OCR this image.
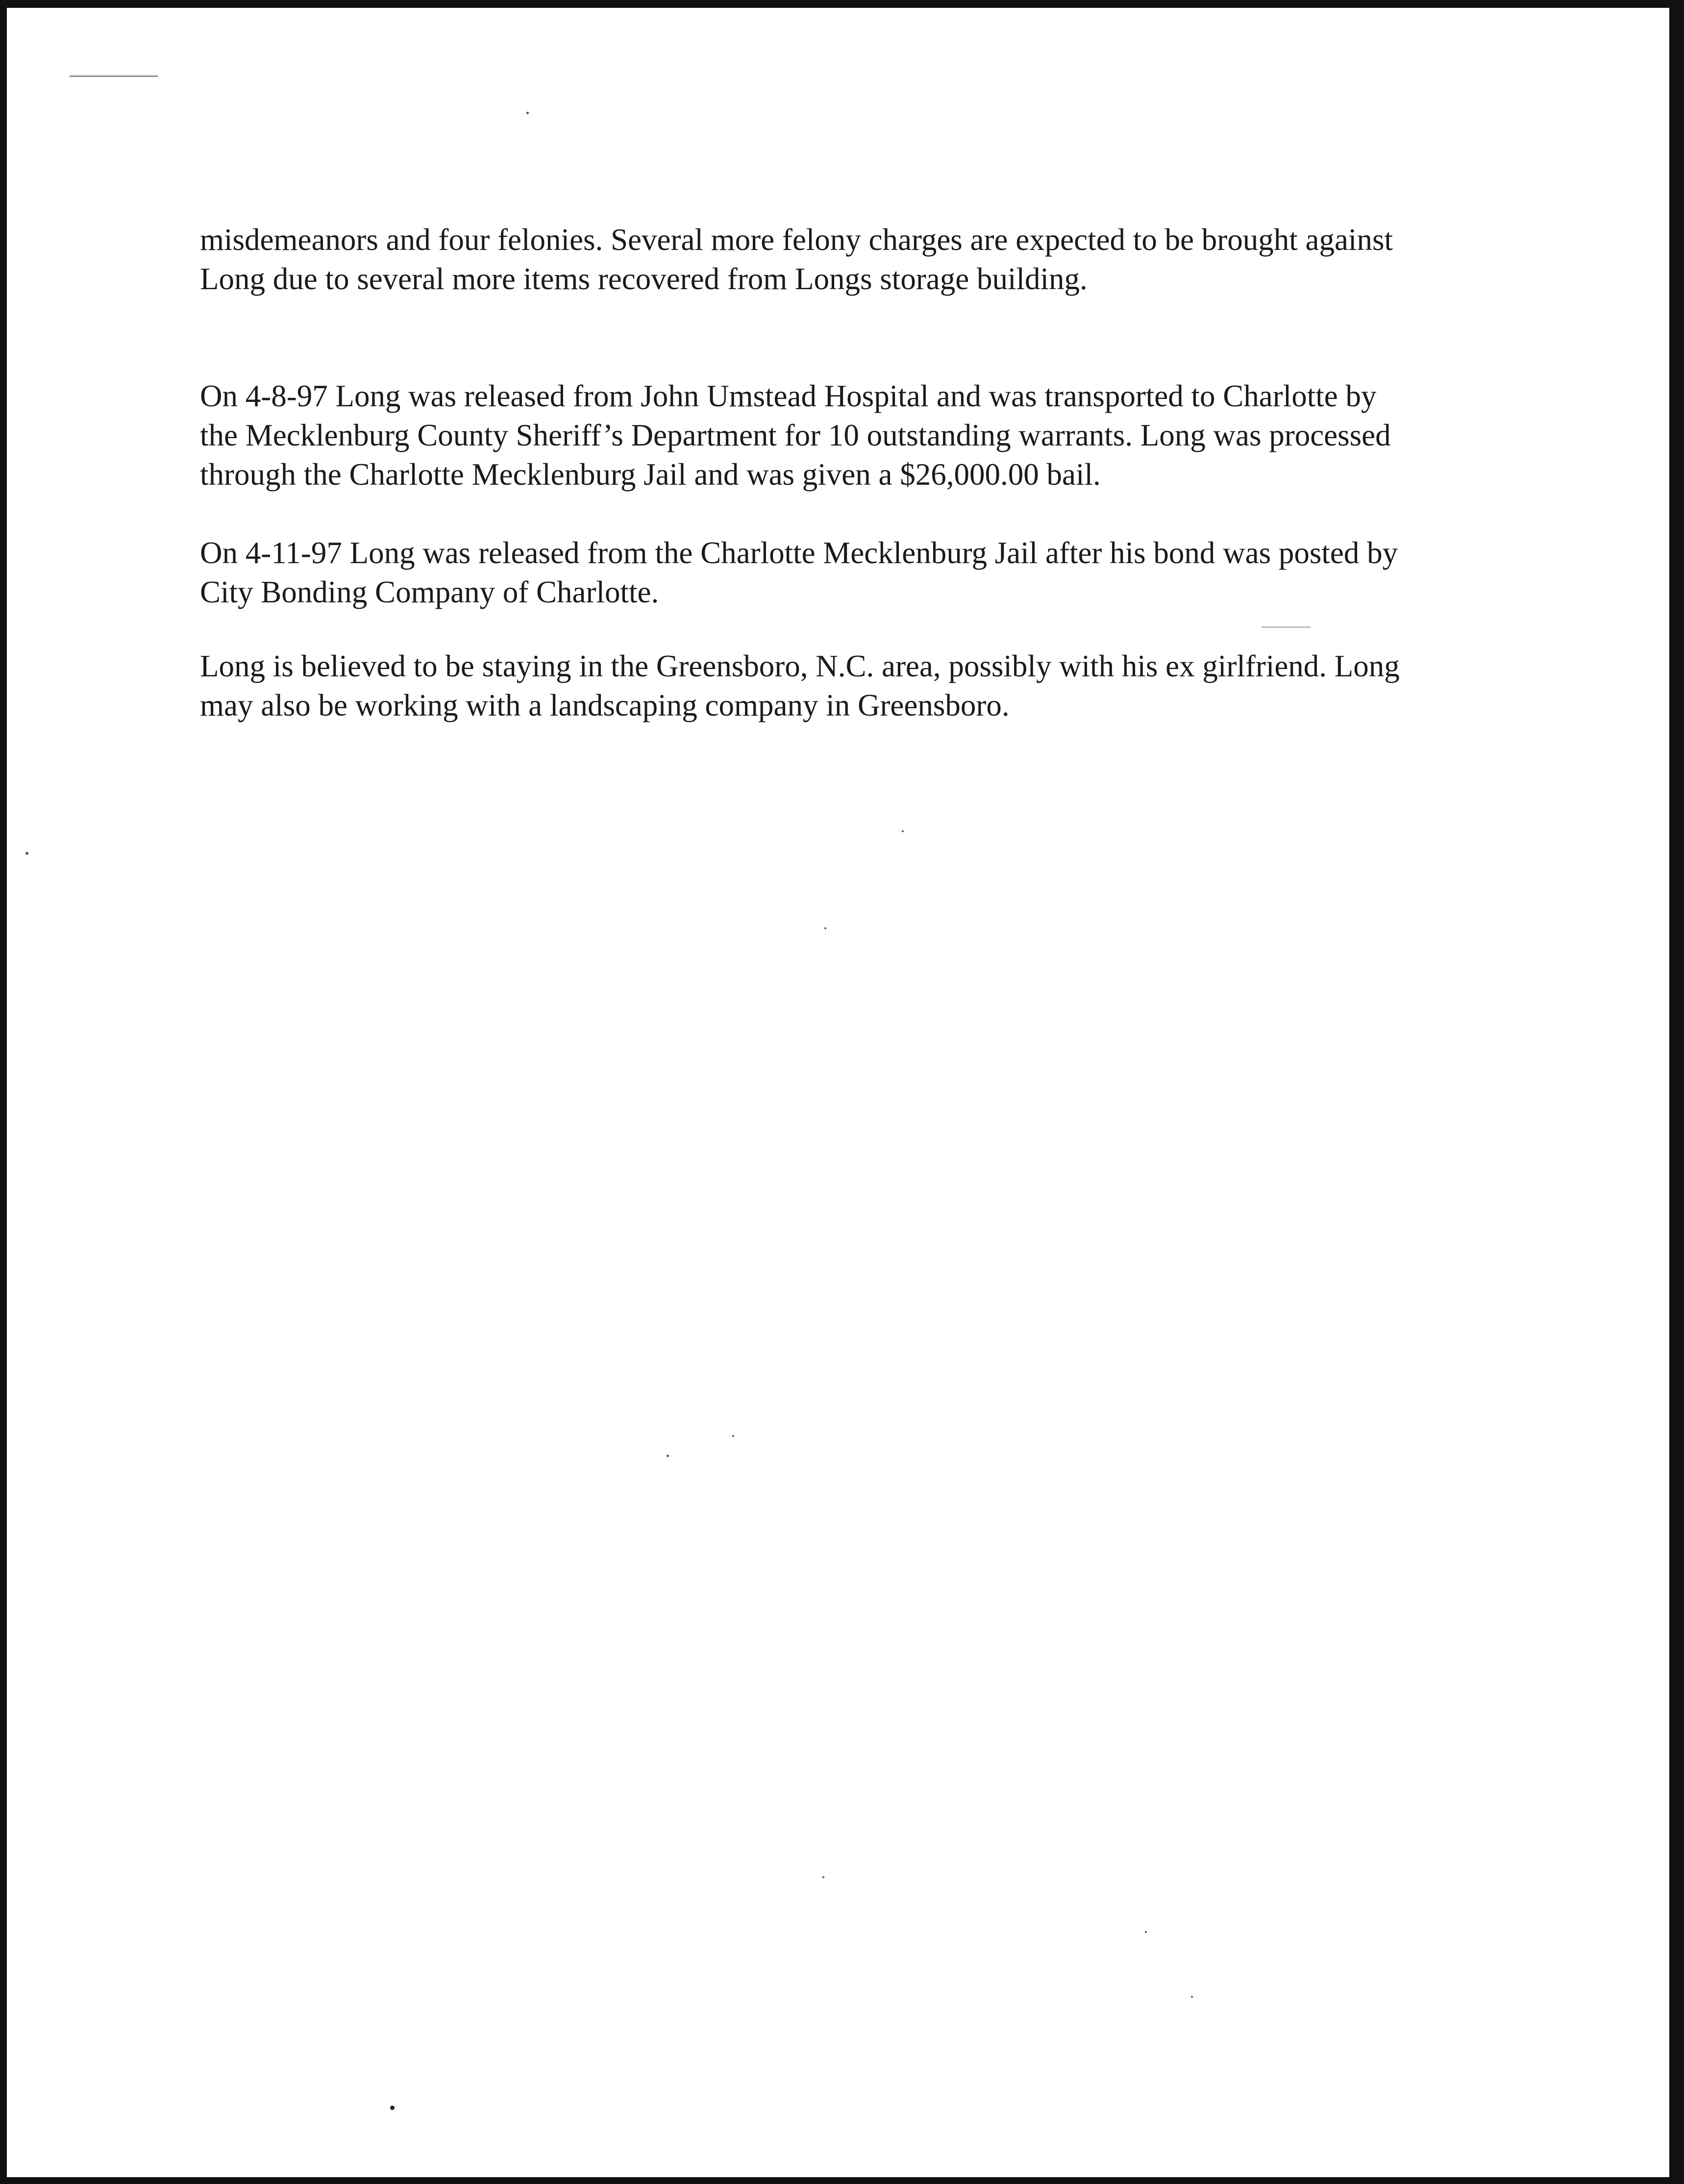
misdemeanors and four felonies. Several more felony charges are expected to be brought against
Long due to several more items recovered from Longs storage building.

On 4-8-97 Long was released from John Umstead Hospital and was transported to Charlotte by
the Mecklenburg County Sheriff’s Department for 10 outstanding warrants. Long was processed
through the Charlotte Mecklenburg Jail and was given a $26,000.00 bail.

On 4-11-97 Long was released from the Charlotte Mecklenburg Jail after his bond was posted by
City Bonding Company of Charlotte.

Long is believed to be staying in the Greensboro, N.C. area, possibly with his ex girlfriend. Long
may also be working with a landscaping company in Greensboro.
